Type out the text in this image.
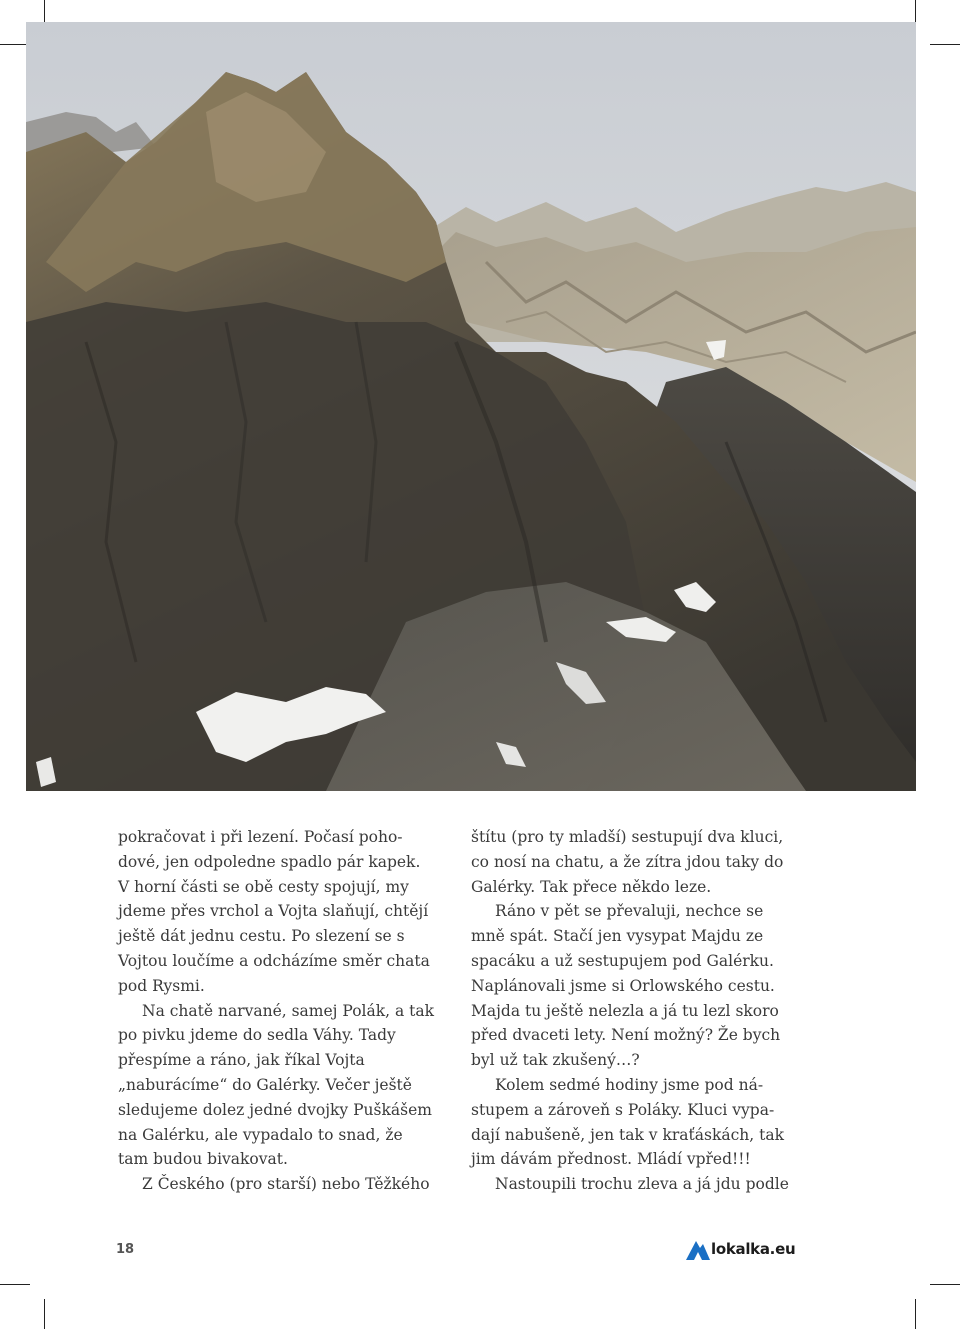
pokračovat i při lezení. Počasí poho-dové, jen odpoledne spadlo pár kapek. V horní části se obě cesty spojují, my jdeme přes vrchol a Vojta slaňují, chtějí ještě dát jednu cestu. Po slezení se s Vojtou loučíme a odcházíme směr chata pod Rysmi.

Na chatě narvané, samej Polák, a tak po pivku jdeme do sedla Váhy. Tady přespíme a ráno, jak říkal Vojta „naburácíme“ do Galérky. Večer ještě sledujeme dolez jedné dvojky Puškášem na Galérku, ale vypadalo to snad, že tam budou bivakovat.

Z Českého (pro starší) nebo Těžkého

štítu (pro ty mladší) sestupují dva kluci, co nosí na chatu, a že zítra jdou taky do Galérky. Tak přece někdo leze.

Ráno v pět se převaluji, nechce se mně spát. Stačí jen vysypat Majdu ze spacáku a už sestupujem pod Galérku. Naplánovali jsme si Orlowského cestu. Majda tu ještě nelezla a já tu lezl skoro před dvaceti lety. Není možný? Že bych byl už tak zkušený…?

Kolem sedmé hodiny jsme pod ná-stupem a zároveň s Poláky. Kluci vypa-dají nabušeně, jen tak v kraťáskách, tak jim dávám přednost. Mládí vpřed!!!

Nastoupili trochu zleva a já jdu podle

18	lokalka.eu
